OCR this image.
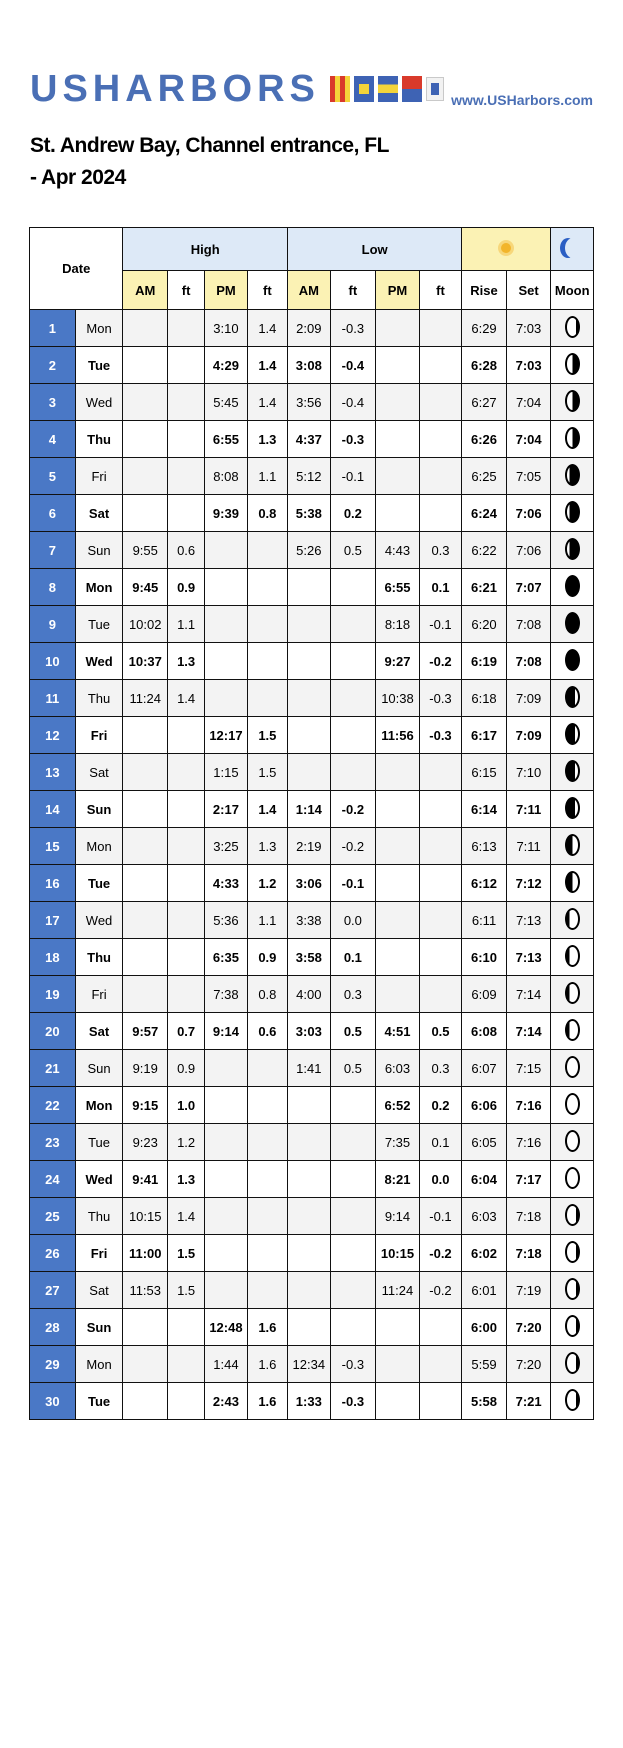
USHARBORS	www.USHarbors.com
St. Andrew Bay, Channel entrance, FL - Apr 2024
Date		High				Low						
		AM	ft	PM	ft	AM	ft	PM	ft	Rise	Set	Moon
1	Mon			3:10	1.4	2:09	-0.3			6:29	7:03	
2	Tue			4:29	1.4	3:08	-0.4			6:28	7:03	
3	Wed			5:45	1.4	3:56	-0.4			6:27	7:04	
4	Thu			6:55	1.3	4:37	-0.3			6:26	7:04	
5	Fri			8:08	1.1	5:12	-0.1			6:25	7:05	
6	Sat			9:39	0.8	5:38	0.2			6:24	7:06	
7	Sun	9:55	0.6			5:26	0.5	4:43	0.3	6:22	7:06	
8	Mon	9:45	0.9					6:55	0.1	6:21	7:07	
9	Tue	10:02	1.1					8:18	-0.1	6:20	7:08	
10	Wed	10:37	1.3					9:27	-0.2	6:19	7:08	
11	Thu	11:24	1.4					10:38	-0.3	6:18	7:09	
12	Fri			12:17	1.5			11:56	-0.3	6:17	7:09	
13	Sat			1:15	1.5					6:15	7:10	
14	Sun			2:17	1.4	1:14	-0.2			6:14	7:11	
15	Mon			3:25	1.3	2:19	-0.2			6:13	7:11	
16	Tue			4:33	1.2	3:06	-0.1			6:12	7:12	
17	Wed			5:36	1.1	3:38	0.0			6:11	7:13	
18	Thu			6:35	0.9	3:58	0.1			6:10	7:13	
19	Fri			7:38	0.8	4:00	0.3			6:09	7:14	
20	Sat	9:57	0.7	9:14	0.6	3:03	0.5	4:51	0.5	6:08	7:14	
21	Sun	9:19	0.9			1:41	0.5	6:03	0.3	6:07	7:15	
22	Mon	9:15	1.0					6:52	0.2	6:06	7:16	
23	Tue	9:23	1.2					7:35	0.1	6:05	7:16	
24	Wed	9:41	1.3					8:21	0.0	6:04	7:17	
25	Thu	10:15	1.4					9:14	-0.1	6:03	7:18	
26	Fri	11:00	1.5					10:15	-0.2	6:02	7:18	
27	Sat	11:53	1.5					11:24	-0.2	6:01	7:19	
28	Sun			12:48	1.6					6:00	7:20	
29	Mon			1:44	1.6	12:34	-0.3			5:59	7:20	
30	Tue			2:43	1.6	1:33	-0.3			5:58	7:21	
